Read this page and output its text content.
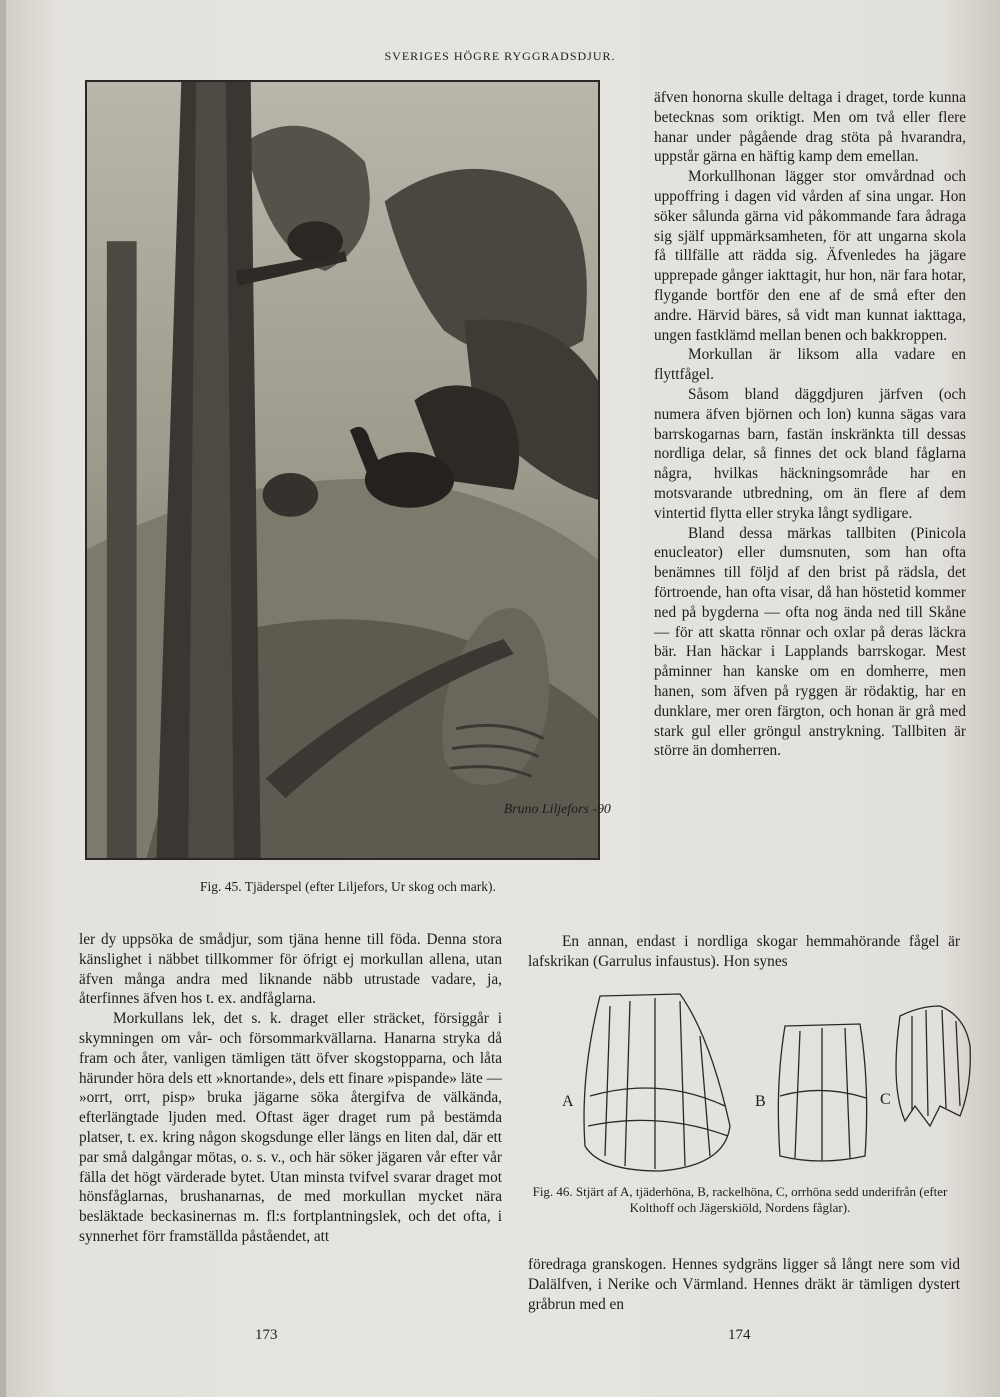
SVERIGES HÖGRE RYGGRADSDJUR.
Bruno Liljefors -90
Fig. 45. Tjäderspel (efter Liljefors, Ur skog och mark).

äfven honorna skulle deltaga i draget, torde kunna betecknas som oriktigt. Men om två eller flere hanar under pågående drag stöta på hvarandra, uppstår gärna en häftig kamp dem emellan.

Morkullhonan lägger stor omvårdnad och uppoffring i dagen vid vården af sina ungar. Hon söker sålunda gärna vid påkommande fara ådraga sig själf uppmärksamheten, för att ungarna skola få tillfälle att rädda sig. Äfvenledes ha jägare upprepade gånger iakttagit, hur hon, när fara hotar, flygande bortför den ene af de små efter den andre. Härvid bäres, så vidt man kunnat iakttaga, ungen fastklämd mellan benen och bakkroppen.

Morkullan är liksom alla vadare en flyttfågel.

Såsom bland däggdjuren järfven (och numera äfven björnen och lon) kunna sägas vara barrskogarnas barn, fastän inskränkta till dessas nordliga delar, så finnes det ock bland fåglarna några, hvilkas häckningsområde har en motsvarande utbredning, om än flere af dem vintertid flytta eller stryka långt sydligare.

Bland dessa märkas tallbiten (Pinicola enucleator) eller dumsnuten, som han ofta benämnes till följd af den brist på rädsla, det förtroende, han ofta visar, då han höstetid kommer ned på bygderna — ofta nog ända ned till Skåne — för att skatta rönnar och oxlar på deras läckra bär. Han häckar i Lapplands barrskogar. Mest påminner han kanske om en domherre, men hanen, som äfven på ryggen är rödaktig, har en dunklare, mer oren färgton, och honan är grå med stark gul eller gröngul anstrykning. Tallbiten är större än domherren.

ler dy uppsöka de smådjur, som tjäna henne till föda. Denna stora känslighet i näbbet tillkommer för öfrigt ej morkullan allena, utan äfven många andra med liknande näbb utrustade vadare, ja, återfinnes äfven hos t. ex. andfåglarna.

Morkullans lek, det s. k. draget eller sträcket, försiggår i skymningen om vår- och försommarkvällarna. Hanarna stryka då fram och åter, vanligen tämligen tätt öfver skogstopparna, och låta härunder höra dels ett »knortande», dels ett finare »pispande» läte — »orrt, orrt, pisp» bruka jägarne söka återgifva de välkända, efterlängtade ljuden med. Oftast äger draget rum på bestämda platser, t. ex. kring någon skogsdunge eller längs en liten dal, där ett par små dalgångar mötas, o. s. v., och här söker jägaren vår efter vår fälla det högt värderade bytet. Utan minsta tvifvel svarar draget mot hönsfåglarnas, brushanarnas, de med morkullan mycket nära besläktade beckasinernas m. fl:s fortplantningslek, och det ofta, i synnerhet förr framställda påståendet, att

En annan, endast i nordliga skogar hemmahörande fågel är lafskrikan (Garrulus infaustus). Hon synes

A	B	C
Fig. 46. Stjärt af A, tjäderhöna, B, rackelhöna, C, orrhöna sedd underifrån (efter Kolthoff och Jägerskiöld, Nordens fåglar).

föredraga granskogen. Hennes sydgräns ligger så långt nere som vid Dalälfven, i Nerike och Värmland. Hennes dräkt är tämligen dystert gråbrun med en

173	174
